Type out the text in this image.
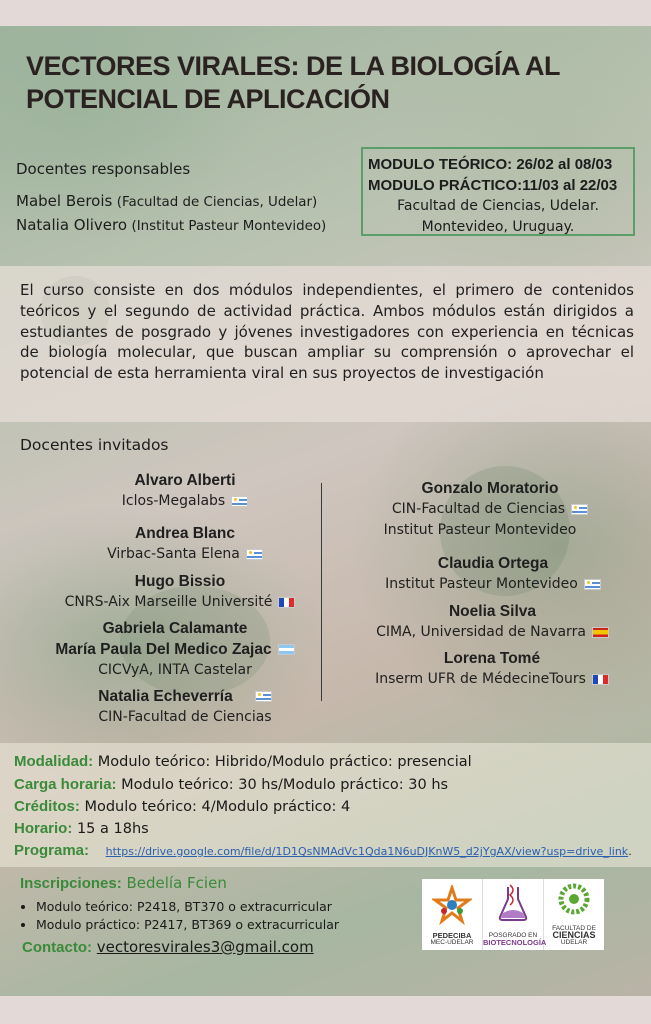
VECTORES VIRALES: DE LA BIOLOGÍA AL
POTENCIAL DE APLICACIÓN
Docentes responsables
Mabel Berois (Facultad de Ciencias, Udelar)
Natalia Olivero (Institut Pasteur Montevideo)
MODULO TEÓRICO: 26/02 al 08/03
MODULO PRÁCTICO:11/03 al 22/03
Facultad de Ciencias, Udelar.
Montevideo, Uruguay.

El curso consiste en dos módulos independientes, el primero de contenidos teóricos y el segundo de actividad práctica. Ambos módulos están dirigidos a estudiantes de posgrado y jóvenes investigadores con experiencia en técnicas de biología molecular, que buscan ampliar su comprensión o aprovechar el potencial de esta herramienta viral en sus proyectos de investigación

Docentes invitados
Alvaro Alberti
Iclos-Megalabs
Andrea Blanc
Virbac-Santa Elena
Hugo Bissio
CNRS-Aix Marseille Université
Gabriela Calamante
María Paula Del Medico Zajac
CICVyA, INTA Castelar
Natalia Echeverría
CIN-Facultad de Ciencias
Gonzalo Moratorio
CIN-Facultad de Ciencias
Institut Pasteur Montevideo
Claudia Ortega
Institut Pasteur Montevideo
Noelia Silva
CIMA, Universidad de Navarra
Lorena Tomé
Inserm UFR de MédecineTours
Modalidad: Modulo teórico: Hibrido/Modulo práctico: presencial
Carga horaria: Modulo teórico: 30 hs/Modulo práctico: 30 hs
Créditos: Modulo teórico: 4/Modulo práctico: 4
Horario: 15 a 18hs
Programa: https://drive.google.com/file/d/1D1QsNMAdVc1Qda1N6uDJKnW5_d2jYgAX/view?usp=drive_link.
Inscripciones: Bedelía Fcien
• Modulo teórico: P2418, BT370 o extracurricular
• Modulo práctico: P2417, BT369 o extracurricular
Contacto: vectoresvirales3@gmail.com
PEDECIBA
MEC-UDELAR
POSGRADO EN
BIOTECNOLOGÍA
FACULTAD DE
CIENCIAS
UDELAR
